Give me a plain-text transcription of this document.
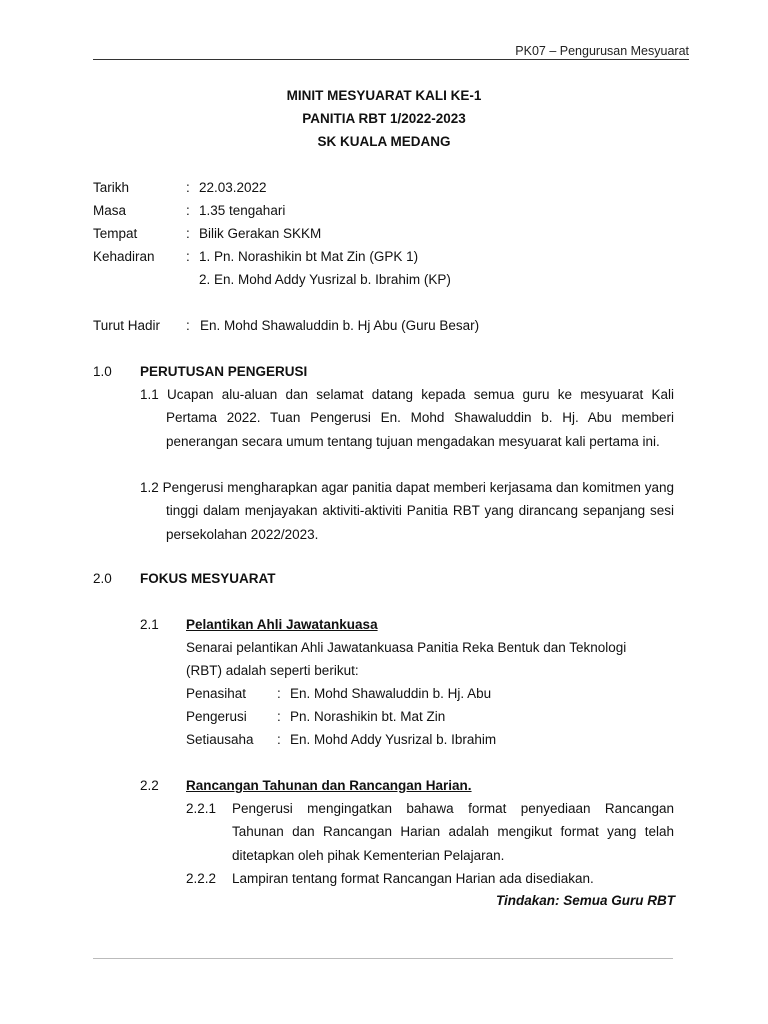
PK07 – Pengurusan Mesyuarat
MINIT MESYUARAT KALI KE-1
PANITIA RBT 1/2022-2023
SK KUALA MEDANG
Tarikh	: 22.03.2022
Masa	: 1.35 tengahari
Tempat	: Bilik Gerakan SKKM
Kehadiran : 1. Pn. Norashikin bt Mat Zin (GPK 1)
2. En. Mohd Addy Yusrizal b. Ibrahim (KP)
Turut Hadir : En. Mohd Shawaluddin b. Hj Abu (Guru Besar)
1.0 PERUTUSAN PENGERUSI
1.1 Ucapan alu-aluan dan selamat datang kepada semua guru ke mesyuarat Kali Pertama 2022. Tuan Pengerusi En. Mohd Shawaluddin b. Hj. Abu memberi penerangan secara umum tentang tujuan mengadakan mesyuarat kali pertama ini.
1.2 Pengerusi mengharapkan agar panitia dapat memberi kerjasama dan komitmen yang tinggi dalam menjayakan aktiviti-aktiviti Panitia RBT yang dirancang sepanjang sesi persekolahan 2022/2023.
2.0 FOKUS MESYUARAT
2.1 Pelantikan Ahli Jawatankuasa
Senarai pelantikan Ahli Jawatankuasa Panitia Reka Bentuk dan Teknologi (RBT) adalah seperti berikut:
Penasihat : En. Mohd Shawaluddin b. Hj. Abu
Pengerusi : Pn. Norashikin bt. Mat Zin
Setiausaha : En. Mohd Addy Yusrizal b. Ibrahim
2.2 Rancangan Tahunan dan Rancangan Harian.
2.2.1 Pengerusi mengingatkan bahawa format penyediaan Rancangan Tahunan dan Rancangan Harian adalah mengikut format yang telah ditetapkan oleh pihak Kementerian Pelajaran.
2.2.2 Lampiran tentang format Rancangan Harian ada disediakan.
Tindakan: Semua Guru RBT
